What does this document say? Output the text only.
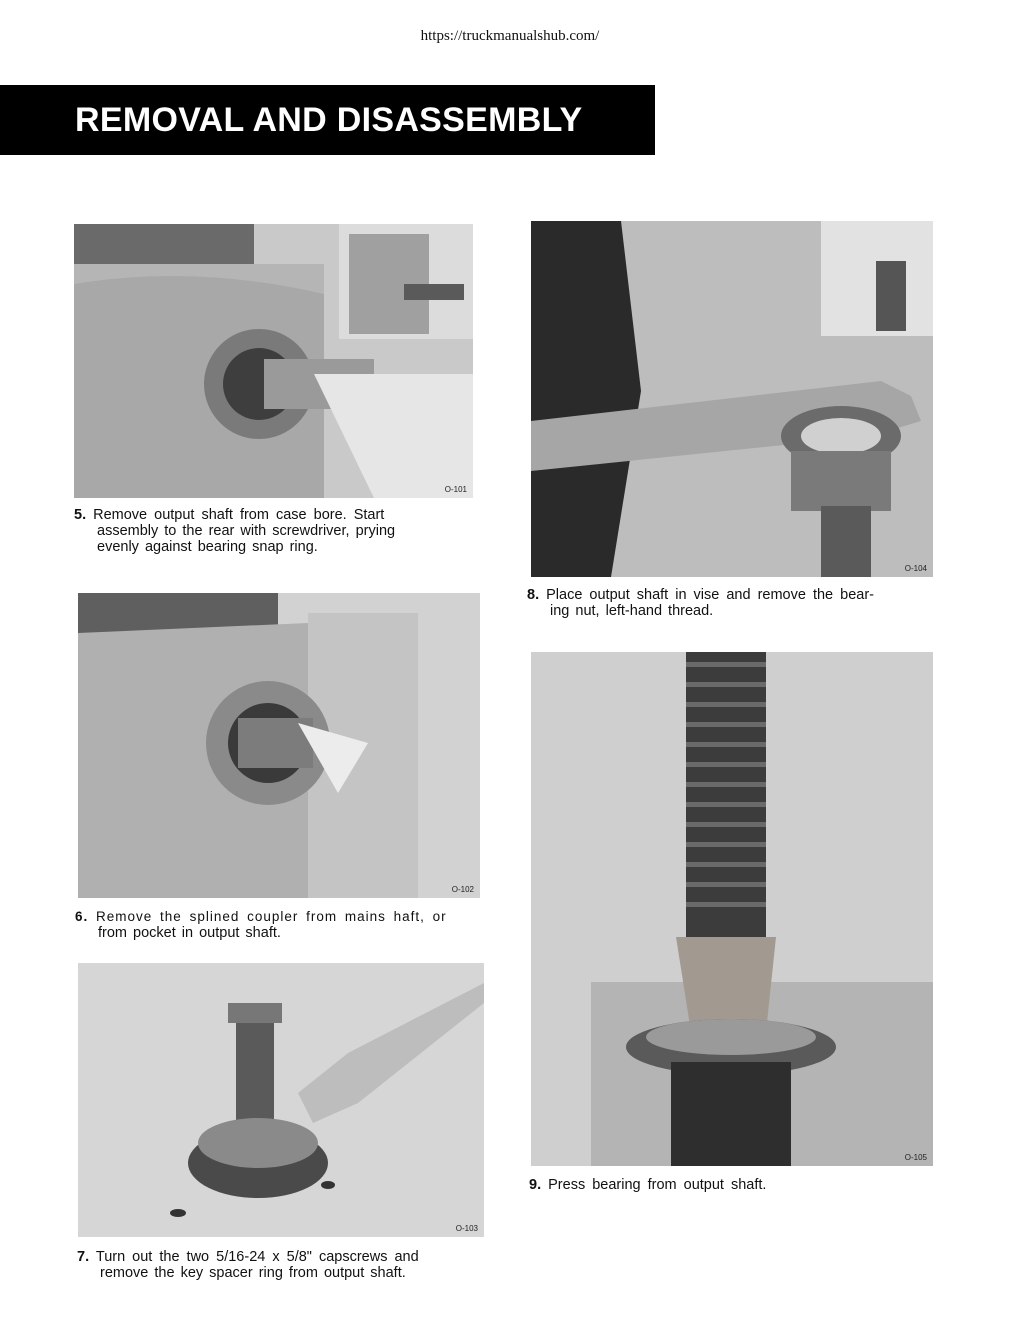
https://truckmanualshub.com/
REMOVAL AND DISASSEMBLY
O-101
5. Remove output shaft from case bore. Start
assembly to the rear with screwdriver, prying
evenly against bearing snap ring.
O-102
6. Remove the splined coupler from mains haft, or
from pocket in output shaft.
O-103
7. Turn out the two 5/16-24 x 5/8" capscrews and
remove the key spacer ring from output shaft.
O-104
8. Place output shaft in vise and remove the bear-
ing nut, left-hand thread.
O-105
9. Press bearing from output shaft.
